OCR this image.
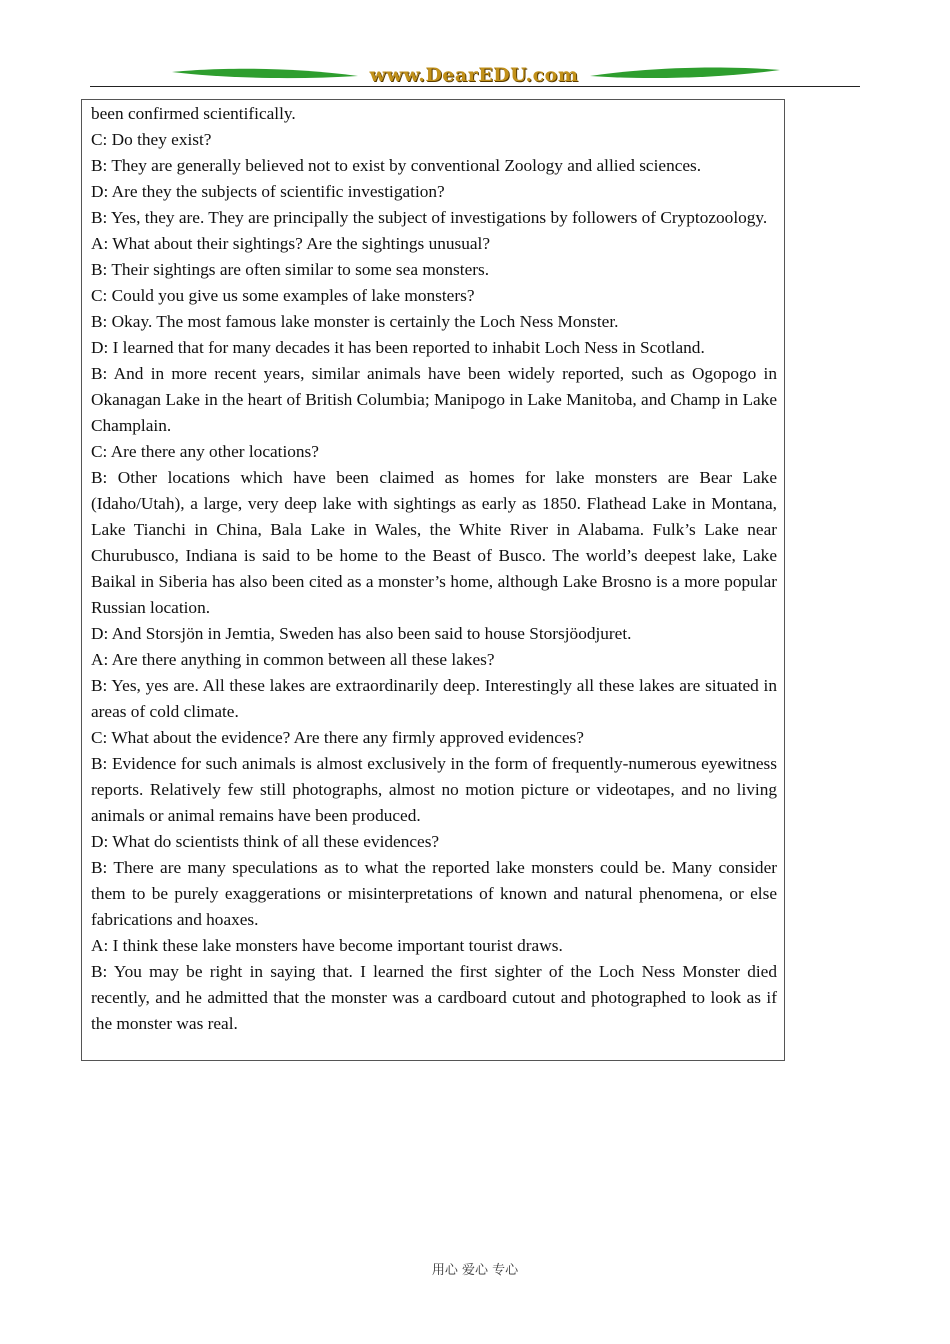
www.DearEDU.com

been confirmed scientifically.

C: Do they exist?

B: They are generally believed not to exist by conventional Zoology and allied sciences.

D: Are they the subjects of scientific investigation?

B: Yes, they are. They are principally the subject of investigations by followers of Cryptozoology.

A: What about their sightings? Are the sightings unusual?

B: Their sightings are often similar to some sea monsters.

C: Could you give us some examples of lake monsters?

B: Okay. The most famous lake monster is certainly the Loch Ness Monster.

D: I learned that for many decades it has been reported to inhabit Loch Ness in Scotland.

B: And in more recent years, similar animals have been widely reported, such as Ogopogo in Okanagan Lake in the heart of British Columbia; Manipogo in Lake Manitoba, and Champ in Lake Champlain.

C: Are there any other locations?

B: Other locations which have been claimed as homes for lake monsters are Bear Lake (Idaho/Utah), a large, very deep lake with sightings as early as 1850. Flathead Lake in Montana, Lake Tianchi in China, Bala Lake in Wales, the White River in Alabama. Fulk’s Lake near Churubusco, Indiana is said to be home to the Beast of Busco. The world’s deepest lake, Lake Baikal in Siberia has also been cited as a monster’s home, although Lake Brosno is a more popular Russian location.

D: And Storsjön in Jemtia, Sweden has also been said to house Storsjöodjuret.

A: Are there anything in common between all these lakes?

B: Yes, yes are. All these lakes are extraordinarily deep. Interestingly all these lakes are situated in areas of cold climate.

C: What about the evidence? Are there any firmly approved evidences?

B: Evidence for such animals is almost exclusively in the form of frequently-numerous eyewitness reports. Relatively few still photographs, almost no motion picture or videotapes, and no living animals or animal remains have been produced.

D: What do scientists think of all these evidences?

B: There are many speculations as to what the reported lake monsters could be. Many consider them to be purely exaggerations or misinterpretations of known and natural phenomena, or else fabrications and hoaxes.

A: I think these lake monsters have become important tourist draws.

B: You may be right in saying that. I learned the first sighter of the Loch Ness Monster died recently, and he admitted that the monster was a cardboard cutout and photographed to look as if the monster was real.

用心 爱心 专心
